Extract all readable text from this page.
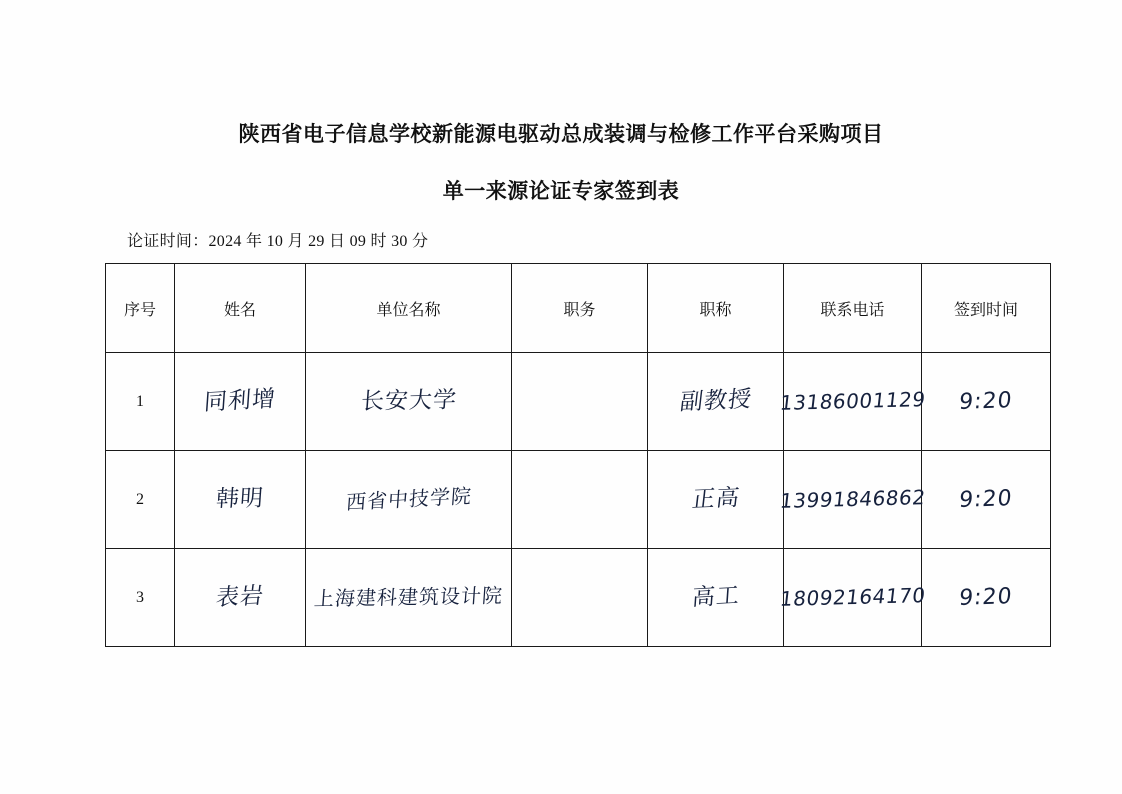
陕西省电子信息学校新能源电驱动总成装调与检修工作平台采购项目
单一来源论证专家签到表
论证时间：2024 年 10 月 29 日 09 时 30 分
序号	姓名	单位名称	职务	职称	联系电话	签到时间
1	同利增	长安大学		副教授	13186001129	9:20

2	韩明	西省中技学院		正高	13991846862	9:20

3	表岩	上海建科建筑设计院		高工	18092164170	9:20
